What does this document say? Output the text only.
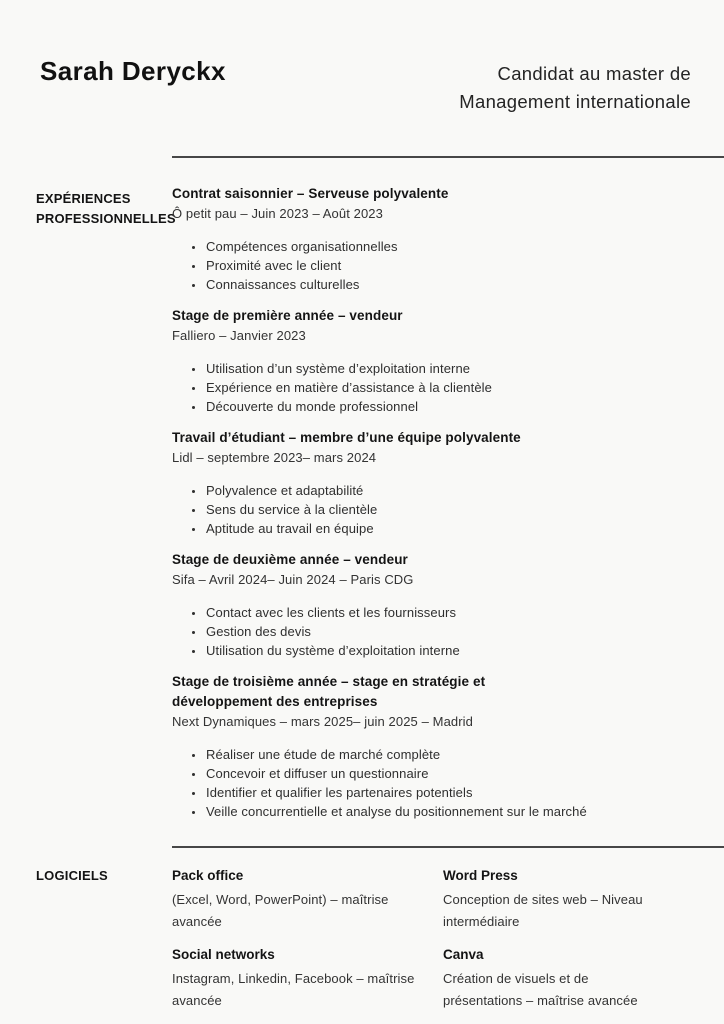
Sarah Deryckx	Candidat au master de
Management internationale
EXPÉRIENCES PROFESSIONNELLES
Contrat saisonnier – Serveuse polyvalente
Ô petit pau – Juin 2023 – Août 2023
• Compétences organisationnelles
• Proximité avec le client
• Connaissances culturelles
Stage de première année – vendeur
Falliero – Janvier 2023
• Utilisation d’un système d’exploitation interne
• Expérience en matière d’assistance à la clientèle
• Découverte du monde professionnel
Travail d’étudiant – membre d’une équipe polyvalente
Lidl – septembre 2023– mars 2024
• Polyvalence et adaptabilité
• Sens du service à la clientèle
• Aptitude au travail en équipe
Stage de deuxième année – vendeur
Sifa – Avril 2024– Juin 2024 – Paris CDG
• Contact avec les clients et les fournisseurs
• Gestion des devis
• Utilisation du système d’exploitation interne
Stage de troisième année – stage en stratégie et développement des entreprises
Next Dynamiques – mars 2025– juin 2025 – Madrid
• Réaliser une étude de marché complète
• Concevoir et diffuser un questionnaire
• Identifier et qualifier les partenaires potentiels
• Veille concurrentielle et analyse du positionnement sur le marché
LOGICIELS	Pack office
(Excel, Word, PowerPoint) – maîtrise avancée
Word Press
Conception de sites web – Niveau intermédiaire
Social networks
Instagram, Linkedin, Facebook – maîtrise avancée
Canva
Création de visuels et de présentations – maîtrise avancée
